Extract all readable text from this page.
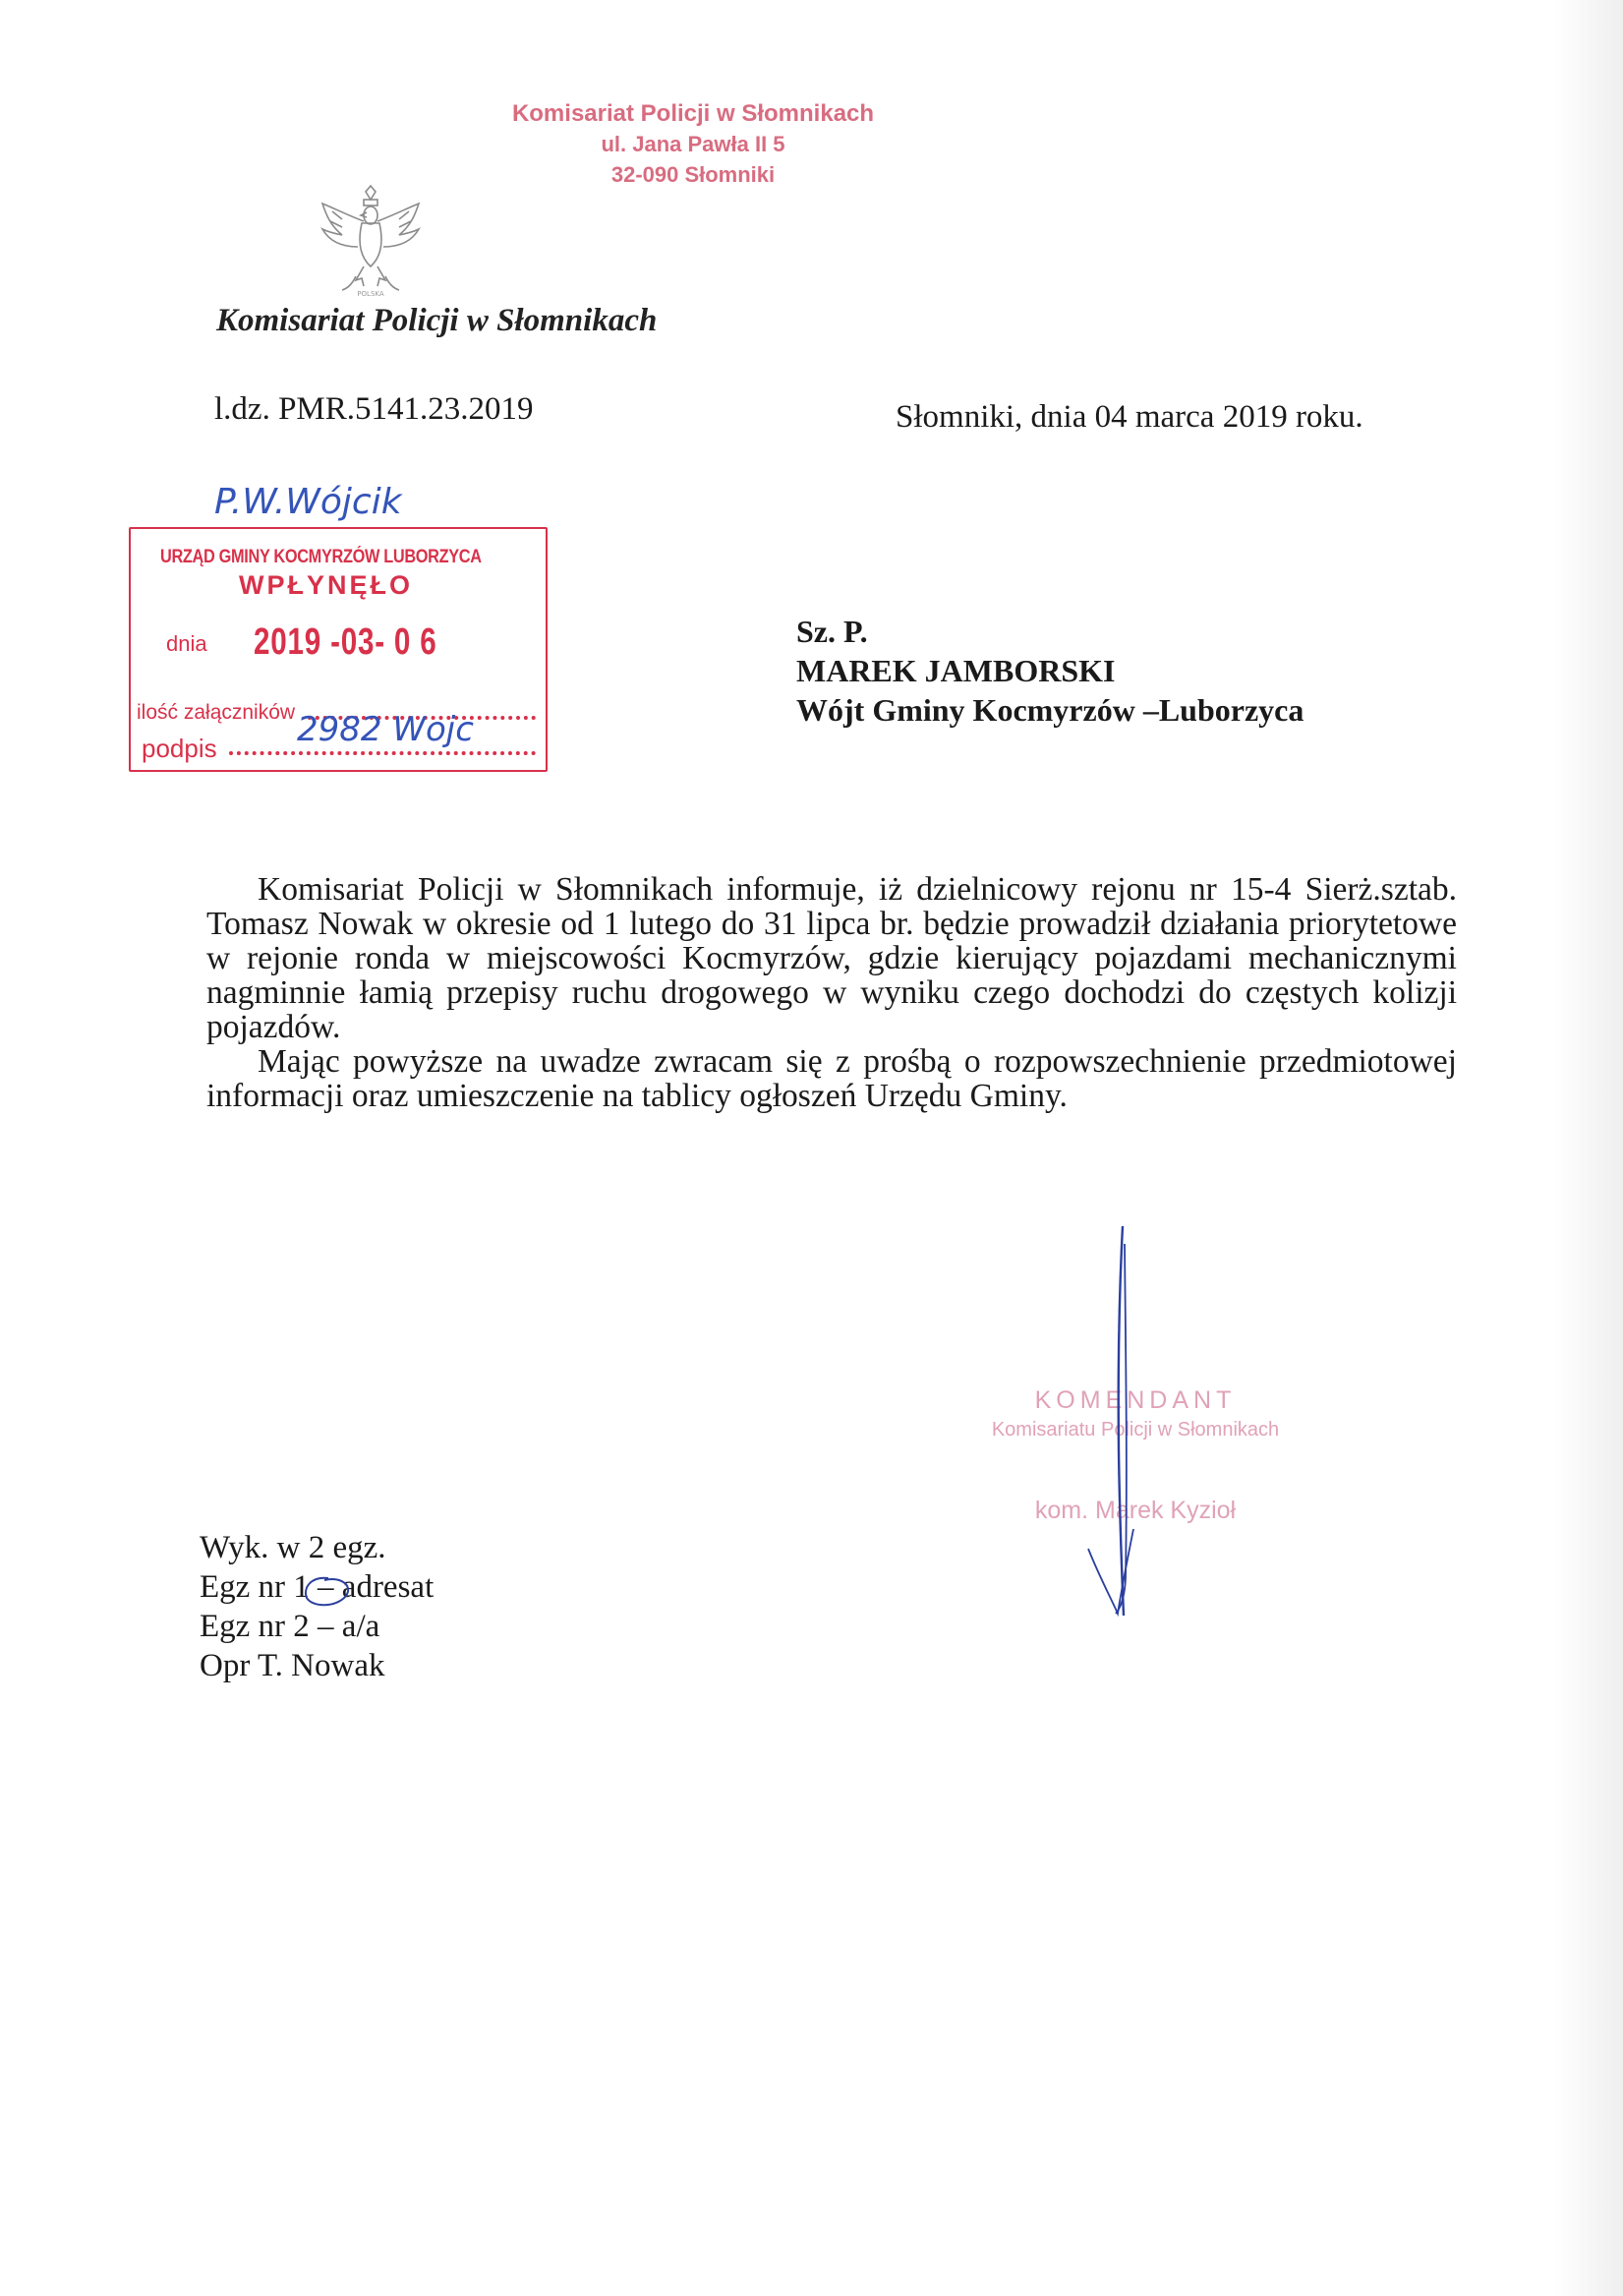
Komisariat Policji w Słomnikach
ul. Jana Pawła II 5
32-090 Słomniki
POLSKA
Komisariat Policji w Słomnikach
l.dz. PMR.5141.23.2019	Słomniki, dnia 04 marca 2019 roku.
P.W.Wójcik
URZĄD GMINY KOCMYRZÓW LUBORZYCA
WPŁYNĘŁO
dnia 2019 -03- 0 6
ilość załączników
podpis 2982 Wojc
Sz. P.
MAREK JAMBORSKI
Wójt Gminy Kocmyrzów –Luborzyca

Komisariat Policji w Słomnikach informuje, iż dzielnicowy rejonu nr 15-4 Sierż.sztab. Tomasz Nowak w okresie od 1 lutego do 31 lipca br. będzie prowadził działania priorytetowe w rejonie ronda w miejscowości Kocmyrzów, gdzie kierujący pojazdami mechanicznymi nagminnie łamią przepisy ruchu drogowego w wyniku czego dochodzi do częstych kolizji pojazdów.

Mając powyższe na uwadze zwracam się z prośbą o rozpowszechnienie przedmiotowej informacji oraz umieszczenie na tablicy ogłoszeń Urzędu Gminy.

KOMENDANT
Komisariatu Policji w Słomnikach
kom. Marek Kyzioł
Wyk. w 2 egz.
Egz nr 1 – adresat
Egz nr 2 – a/a
Opr T. Nowak
